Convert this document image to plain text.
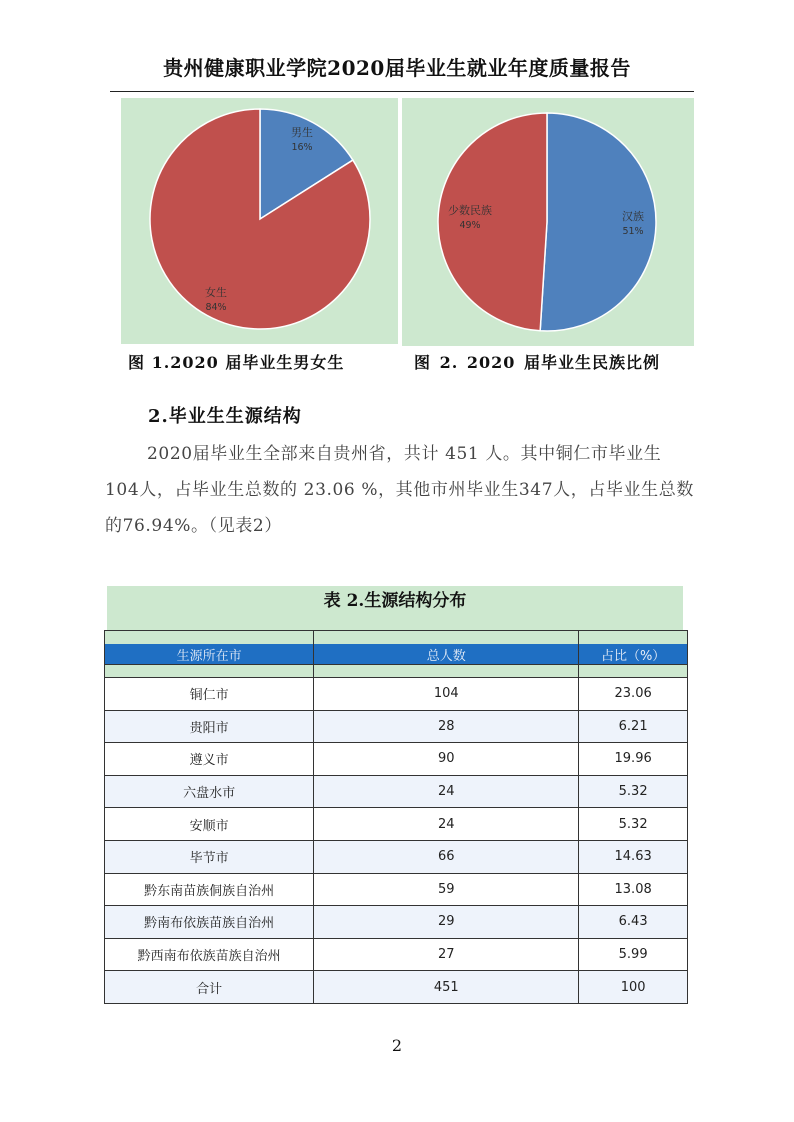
贵州健康职业学院2020届毕业生就业年度质量报告
男生
16%
女生
84%
汉族
51%
少数民族
49%
图 1.2020 届毕业生男女生	图 2. 2020 届毕业生民族比例
2.毕业生生源结构

2020届毕业生全部来自贵州省，共计 451 人。其中铜仁市毕业生 104人，占毕业生总数的 23.06 %，其他市州毕业生347人，占毕业生总数的76.94%。（见表2）

表 2.生源结构分布

生源所在市	总人数	占比（%）

铜仁市	104	23.06
贵阳市	28	6.21
遵义市	90	19.96
六盘水市	24	5.32
安顺市	24	5.32
毕节市	66	14.63
黔东南苗族侗族自治州	59	13.08
黔南布依族苗族自治州	29	6.43
黔西南布依族苗族自治州	27	5.99
合计	451	100
2
